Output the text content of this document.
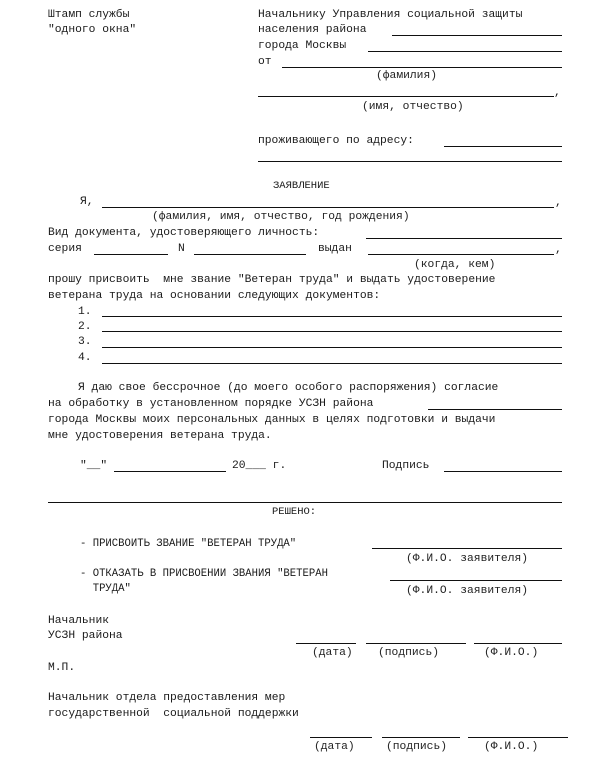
Штамп службы
"одного окна"
Начальнику Управления социальной защиты
населения района
города Москвы
от
(фамилия)
,
(имя, отчество)
проживающего по адресу:
ЗАЯВЛЕНИЕ
Я,	,
(фамилия, имя, отчество, год рождения)
Вид документа, удостоверяющего личность:
серия	N	выдан	,
(когда, кем)
прошу присвоить  мне звание "Ветеран труда" и выдать удостоверение
ветерана труда на основании следующих документов:
1.
2.
3.
4.
Я даю свое бессрочное (до моего особого распоряжения) согласие
на обработку в установленном порядке УСЗН района
города Москвы моих персональных данных в целях подготовки и выдачи
мне удостоверения ветерана труда.
"__"	20___ г.	Подпись
РЕШЕНО:
- ПРИСВОИТЬ ЗВАНИЕ "ВЕТЕРАН ТРУДА"
(Ф.И.О. заявителя)
- ОТКАЗАТЬ В ПРИСВОЕНИИ ЗВАНИЯ "ВЕТЕРАН
ТРУДА"	(Ф.И.О. заявителя)
Начальник
УСЗН района
(дата) (подпись)	(Ф.И.О.)
М.П.
Начальник отдела предоставления мер
государственной  социальной поддержки
(дата)	(подпись)	(Ф.И.О.)
